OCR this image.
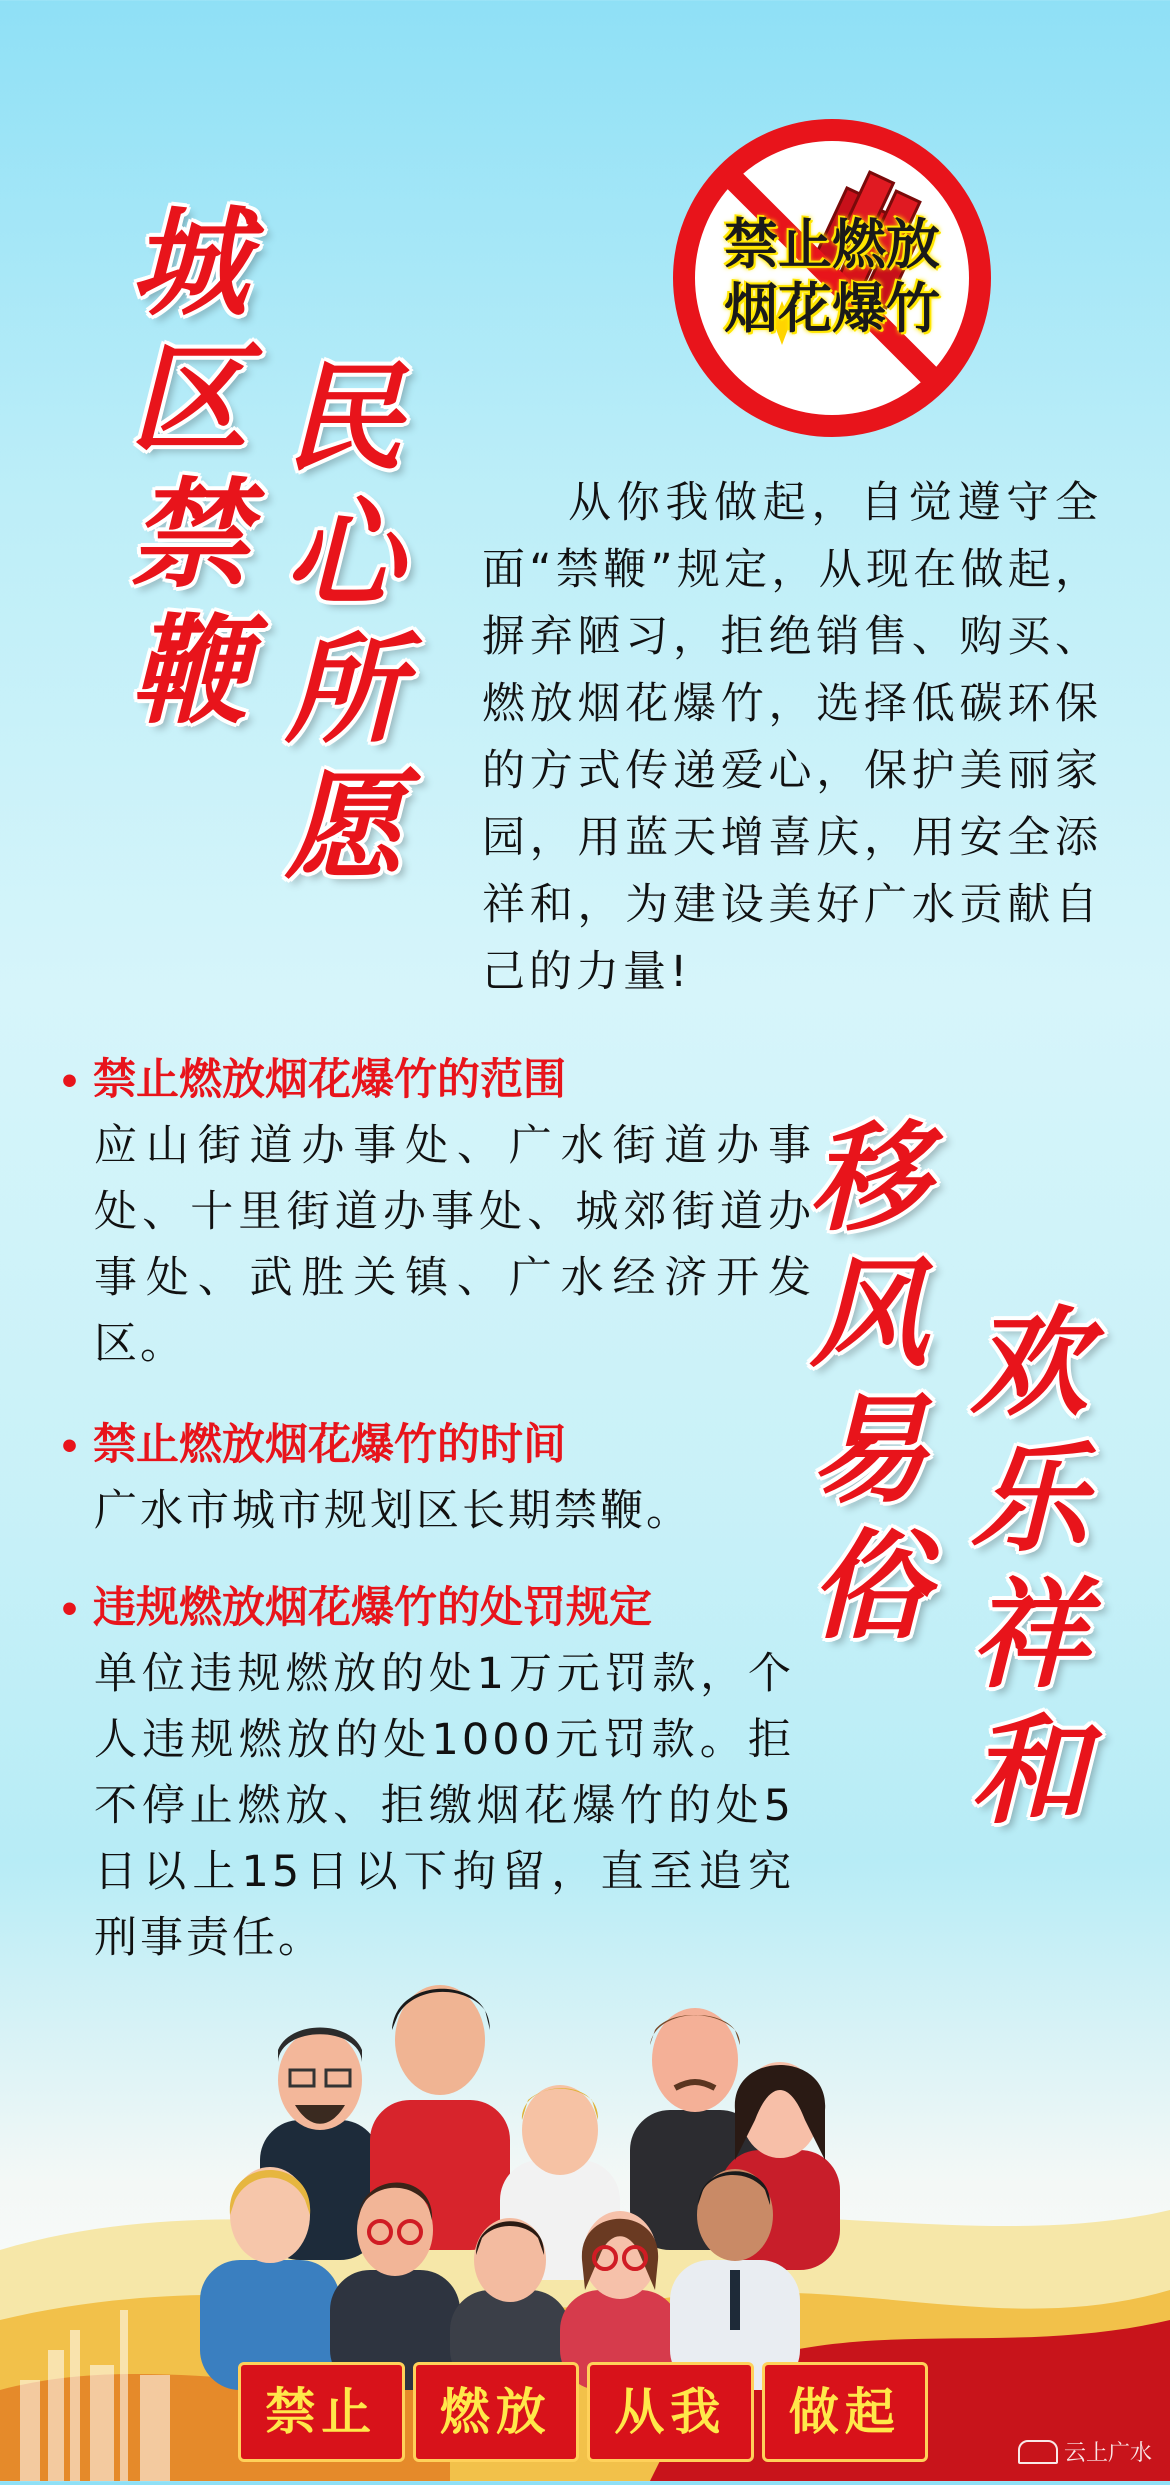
城区禁鞭 民心所愿
移风易俗 欢乐祥和
禁止燃放
烟花爆竹
从你我做起，自觉遵守全面“禁鞭”规定，从现在做起，摒弃陋习，拒绝销售、购买、燃放烟花爆竹，选择低碳环保的方式传递爱心，保护美丽家园，用蓝天增喜庆，用安全添祥和，为建设美好广水贡献自己的力量!
• 禁止燃放烟花爆竹的范围
应山街道办事处、广水街道办事处、十里街道办事处、城郊街道办事处、武胜关镇、广水经济开发区。
• 禁止燃放烟花爆竹的时间
广水市城市规划区长期禁鞭。
• 违规燃放烟花爆竹的处罚规定
单位违规燃放的处1万元罚款，个人违规燃放的处1000元罚款。拒不停止燃放、拒缴烟花爆竹的处5日以上15日以下拘留，直至追究刑事责任。
禁止	燃放	从我	做起
云上广水
